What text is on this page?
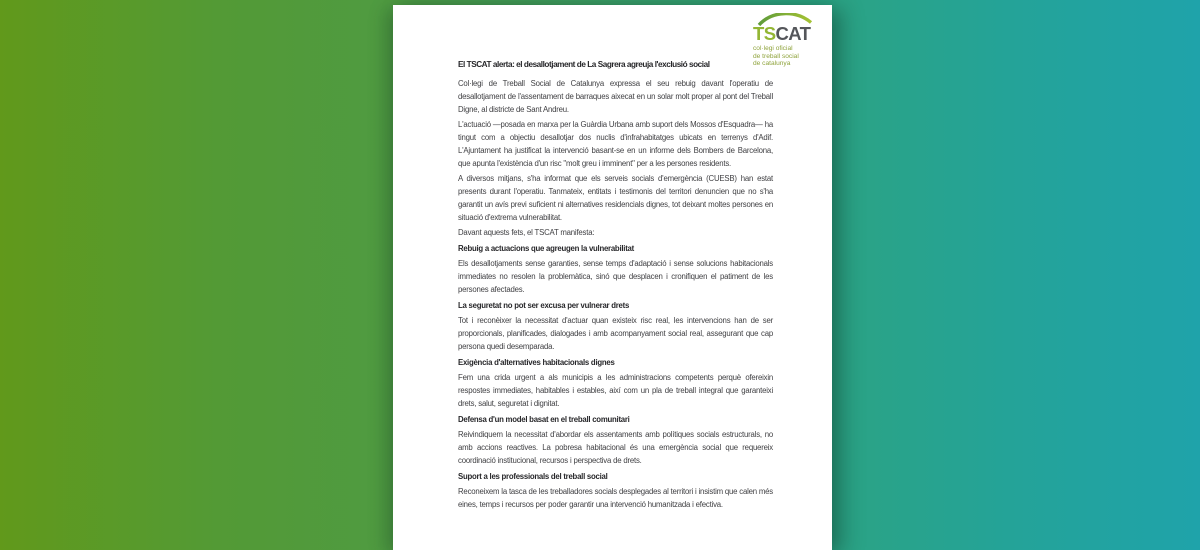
TSCAT
col·legi oficial
de treball social
de catalunya
El TSCAT alerta: el desallotjament de La Sagrera agreuja l'exclusió social

Col·legi de Treball Social de Catalunya expressa el seu rebuig davant l'operatiu de desallotjament de l'assentament de barraques aixecat en un solar molt proper al pont del Treball Digne, al districte de Sant Andreu.

L'actuació —posada en marxa per la Guàrdia Urbana amb suport dels Mossos d'Esquadra— ha tingut com a objectiu desallotjar dos nuclis d'infrahabitatges ubicats en terrenys d'Adif. L'Ajuntament ha justificat la intervenció basant-se en un informe dels Bombers de Barcelona, que apunta l'existència d'un risc "molt greu i imminent" per a les persones residents.

A diversos mitjans, s'ha informat que els serveis socials d'emergència (CUESB) han estat presents durant l'operatiu. Tanmateix, entitats i testimonis del territori denuncien que no s'ha garantit un avís previ suficient ni alternatives residencials dignes, tot deixant moltes persones en situació d'extrema vulnerabilitat.

Davant aquests fets, el TSCAT manifesta:

Rebuig a actuacions que agreugen la vulnerabilitat

Els desallotjaments sense garanties, sense temps d'adaptació i sense solucions habitacionals immediates no resolen la problemàtica, sinó que desplacen i cronifiquen el patiment de les persones afectades.

La seguretat no pot ser excusa per vulnerar drets

Tot i reconèixer la necessitat d'actuar quan existeix risc real, les intervencions han de ser proporcionals, planificades, dialogades i amb acompanyament social real, assegurant que cap persona quedi desemparada.

Exigència d'alternatives habitacionals dignes

Fem una crida urgent a als municipis a les administracions competents perquè ofereixin respostes immediates, habitables i estables, així com un pla de treball integral que garanteixi drets, salut, seguretat i dignitat.

Defensa d'un model basat en el treball comunitari

Reivindiquem la necessitat d'abordar els assentaments amb polítiques socials estructurals, no amb accions reactives. La pobresa habitacional és una emergència social que requereix coordinació institucional, recursos i perspectiva de drets.

Suport a les professionals del treball social

Reconeixem la tasca de les treballadores socials desplegades al territori i insistim que calen més eines, temps i recursos per poder garantir una intervenció humanitzada i efectiva.
